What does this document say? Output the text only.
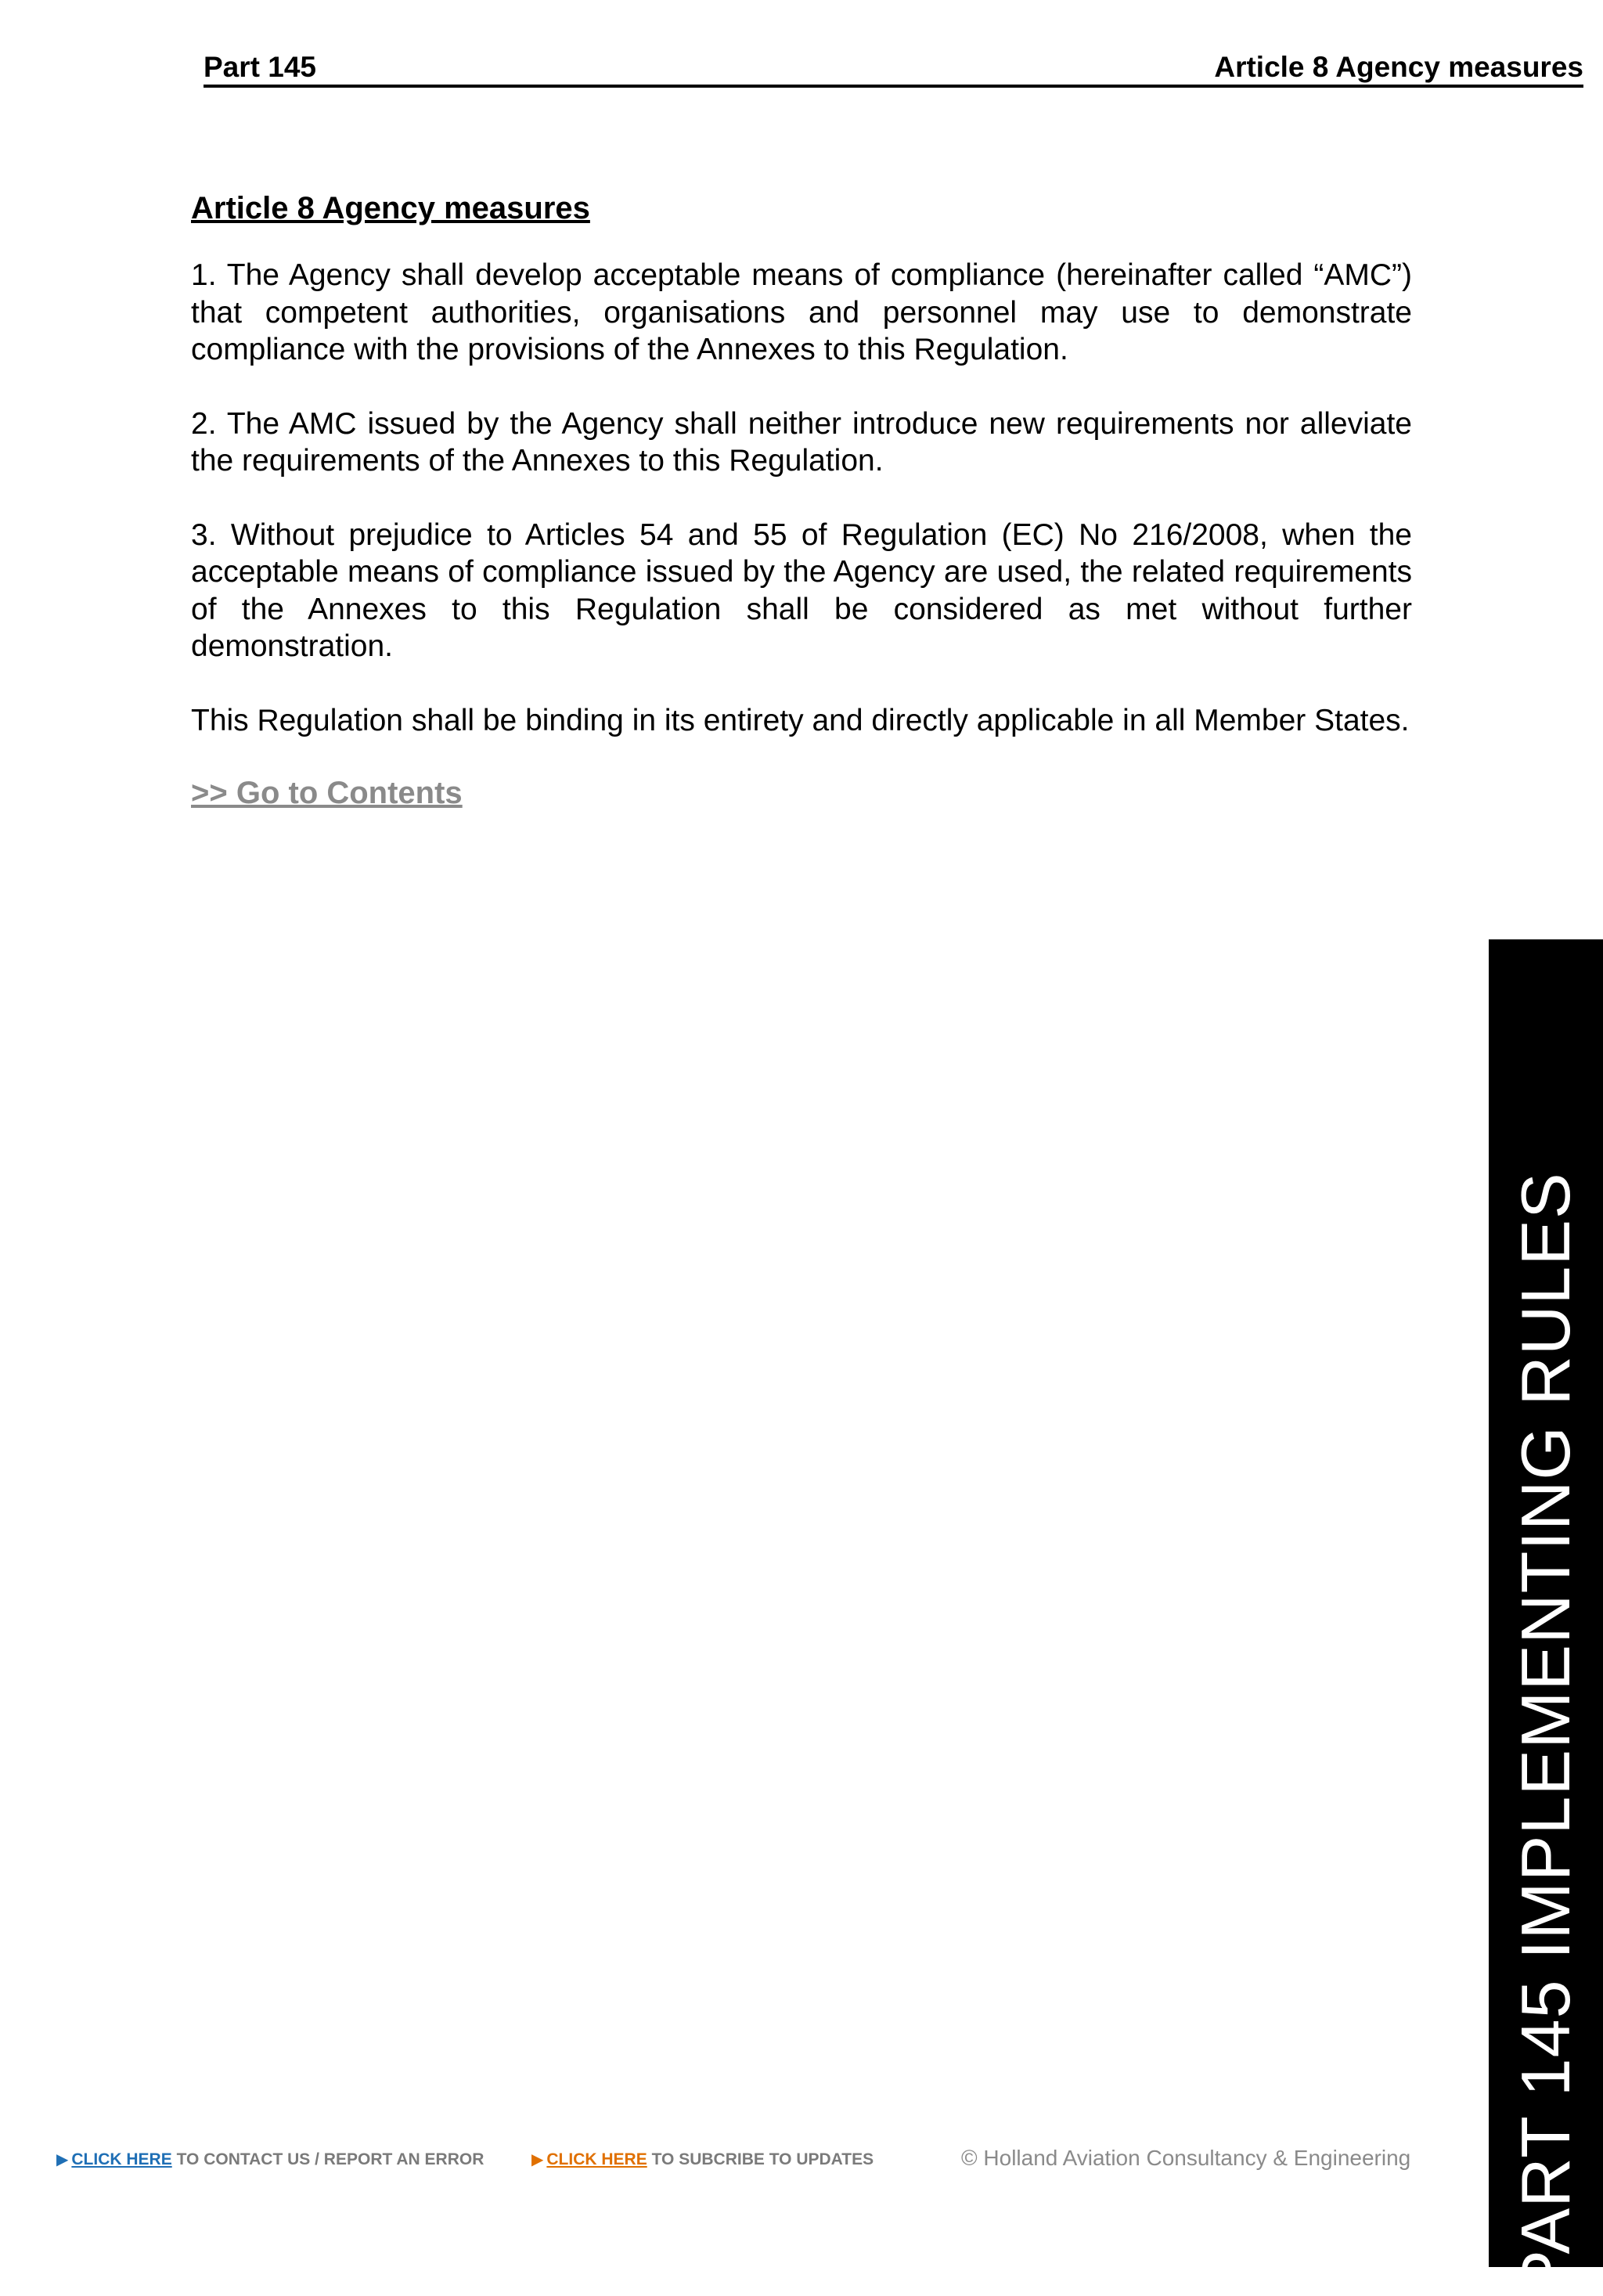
Part 145	Article 8 Agency measures
Article 8 Agency measures

1. The Agency shall develop acceptable means of compliance (hereinafter called “AMC”) that competent authorities, organisations and personnel may use to demonstrate compliance with the provisions of the Annexes to this Regulation.

2. The AMC issued by the Agency shall neither introduce new requirements nor alleviate the requirements of the Annexes to this Regulation.

3. Without prejudice to Articles 54 and 55 of Regulation (EC) No 216/2008, when the acceptable means of compliance issued by the Agency are used, the related requirements of the Annexes to this Regulation shall be considered as met without further demonstration.

This Regulation shall be binding in its entirety and directly applicable in all Member States.

>> Go to Contents
PART 145 IMPLEMENTING RULES
▶ CLICK HERE TO CONTACT US / REPORT AN ERROR	▶ CLICK HERE TO SUBCRIBE TO UPDATES	© Holland Aviation Consultancy & Engineering
